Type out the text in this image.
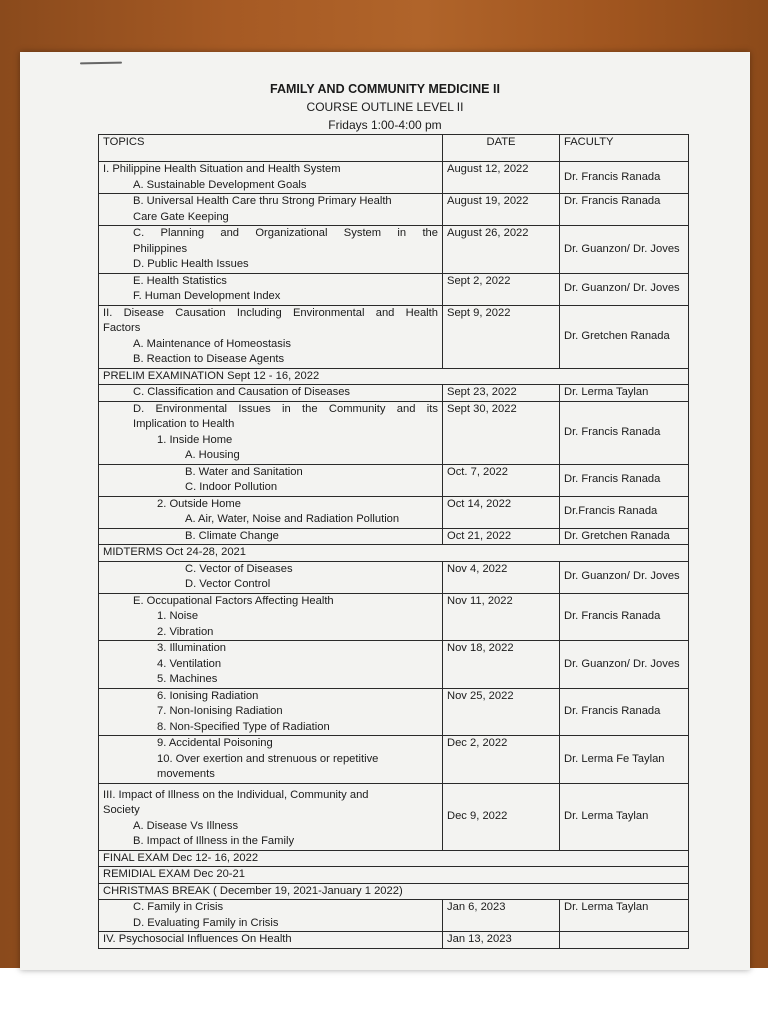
FAMILY AND COMMUNITY MEDICINE II
COURSE OUTLINE LEVEL II
Fridays 1:00-4:00 pm
TOPICS	DATE	FACULTY

I. Philippine Health Situation and Health System
A. Sustainable Development Goals	August 12, 2022	Dr. Francis Ranada

B. Universal Health Care thru Strong Primary Health
Care Gate Keeping	August 19, 2022	Dr. Francis Ranada

C. Planning and Organizational System in the
Philippines
D. Public Health Issues	August 26, 2022	Dr. Guanzon/ Dr. Joves

E. Health Statistics
F. Human Development Index	Sept 2, 2022	Dr. Guanzon/ Dr. Joves

II. Disease Causation Including Environmental and Health
Factors
A. Maintenance of Homeostasis
B. Reaction to Disease Agents	Sept 9, 2022	Dr. Gretchen Ranada
PRELIM EXAMINATION Sept 12 - 16, 2022		

C. Classification and Causation of Diseases	Sept 23, 2022	Dr. Lerma Taylan

D. Environmental Issues in the Community and its
Implication to Health
1. Inside Home
A. Housing	Sept 30, 2022	Dr. Francis Ranada

B. Water and Sanitation
C. Indoor Pollution	Oct. 7, 2022	Dr. Francis Ranada

2. Outside Home
A. Air, Water, Noise and Radiation Pollution	Oct 14, 2022	Dr.Francis Ranada

B. Climate Change	Oct 21, 2022	Dr. Gretchen Ranada
MIDTERMS Oct 24-28, 2021		

C. Vector of Diseases
D. Vector Control	Nov 4, 2022	Dr. Guanzon/ Dr. Joves

E. Occupational Factors Affecting Health
1. Noise
2. Vibration	Nov 11, 2022	Dr. Francis Ranada

3. Illumination
4. Ventilation
5. Machines	Nov 18, 2022	Dr. Guanzon/ Dr. Joves

6. Ionising Radiation
7. Non-Ionising Radiation
8. Non-Specified Type of Radiation	Nov 25, 2022	Dr. Francis Ranada

9. Accidental Poisoning
10. Over exertion and strenuous or repetitive
movements	Dec 2, 2022	Dr. Lerma Fe Taylan

III. Impact of Illness on the Individual, Community and
Society
A. Disease Vs Illness
B. Impact of Illness in the Family	Dec 9, 2022	Dr. Lerma Taylan
FINAL EXAM Dec 12- 16, 2022		
REMIDIAL EXAM Dec 20-21		
CHRISTMAS BREAK ( December 19, 2021-January 1 2022)		

C. Family in Crisis
D. Evaluating Family in Crisis	Jan 6, 2023	Dr. Lerma Taylan

IV. Psychosocial Influences On Health	Jan 13, 2023	
